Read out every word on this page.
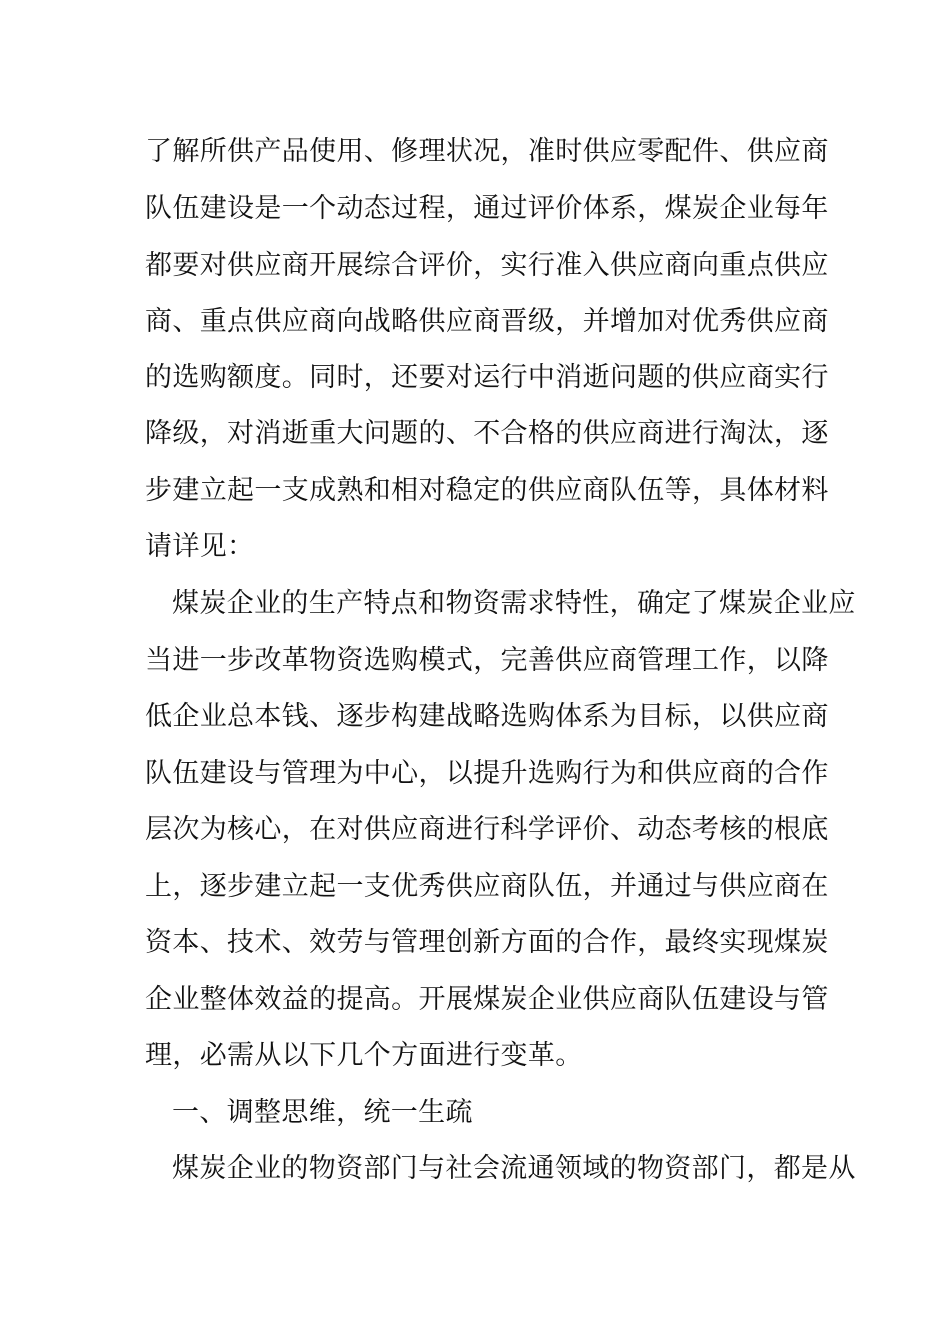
了解所供产品使用、修理状况，准时供应零配件、供应商
队伍建设是一个动态过程，通过评价体系，煤炭企业每年
都要对供应商开展综合评价，实行准入供应商向重点供应
商、重点供应商向战略供应商晋级，并增加对优秀供应商
的选购额度。同时，还要对运行中消逝问题的供应商实行
降级，对消逝重大问题的、不合格的供应商进行淘汰，逐
步建立起一支成熟和相对稳定的供应商队伍等，具体材料
请详见：
煤炭企业的生产特点和物资需求特性，确定了煤炭企业应
当进一步改革物资选购模式，完善供应商管理工作，以降
低企业总本钱、逐步构建战略选购体系为目标，以供应商
队伍建设与管理为中心，以提升选购行为和供应商的合作
层次为核心，在对供应商进行科学评价、动态考核的根底
上，逐步建立起一支优秀供应商队伍，并通过与供应商在
资本、技术、效劳与管理创新方面的合作，最终实现煤炭
企业整体效益的提高。开展煤炭企业供应商队伍建设与管
理，必需从以下几个方面进行变革。
一、调整思维，统一生疏
煤炭企业的物资部门与社会流通领域的物资部门，都是从
